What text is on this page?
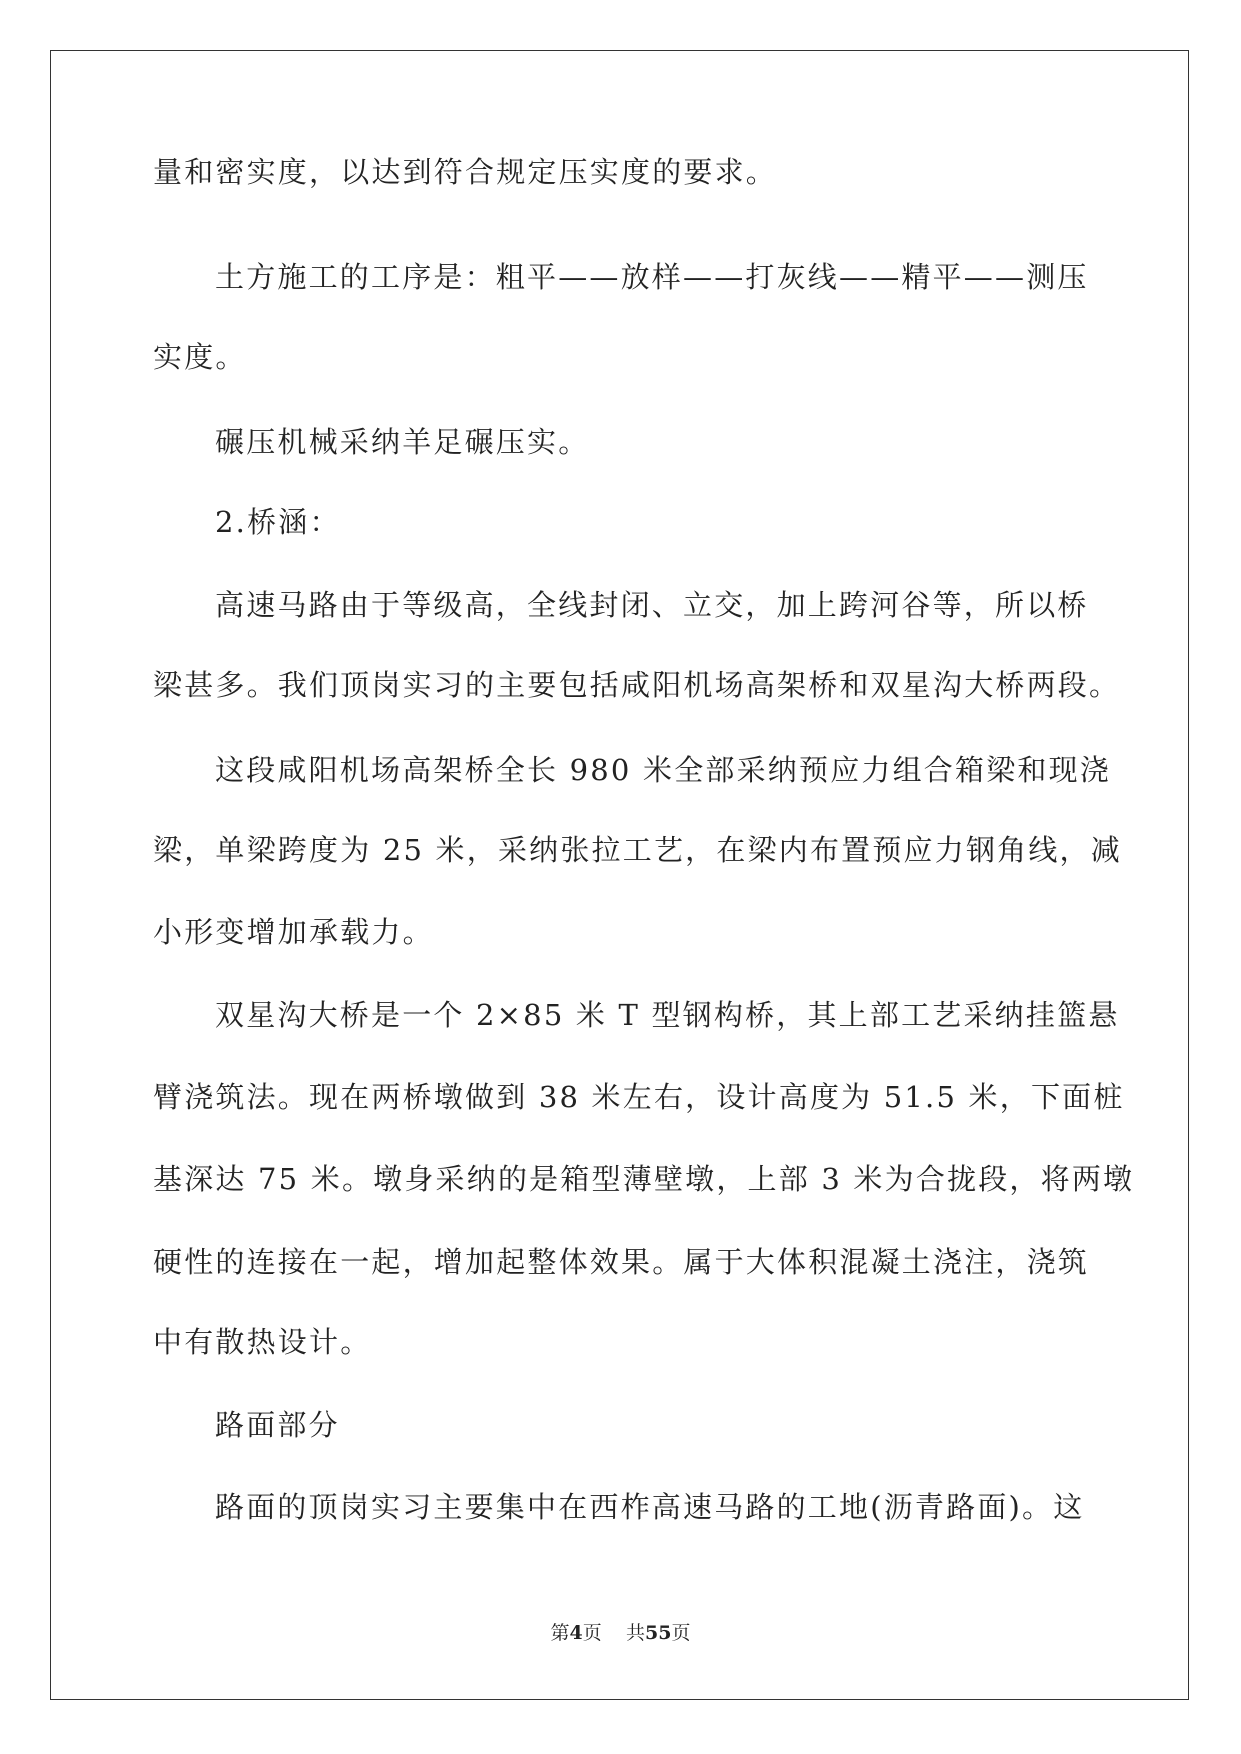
量和密实度，以达到符合规定压实度的要求。
土方施工的工序是：粗平——放样——打灰线——精平——测压
实度。
碾压机械采纳羊足碾压实。
2.桥涵：
高速马路由于等级高，全线封闭、立交，加上跨河谷等，所以桥
梁甚多。我们顶岗实习的主要包括咸阳机场高架桥和双星沟大桥两段。
这段咸阳机场高架桥全长 980 米全部采纳预应力组合箱梁和现浇
梁，单梁跨度为 25 米，采纳张拉工艺，在梁内布置预应力钢角线，减
小形变增加承载力。
双星沟大桥是一个 2×85 米 T 型钢构桥，其上部工艺采纳挂篮悬
臂浇筑法。现在两桥墩做到 38 米左右，设计高度为 51.5 米，下面桩
基深达 75 米。墩身采纳的是箱型薄壁墩，上部 3 米为合拢段，将两墩
硬性的连接在一起，增加起整体效果。属于大体积混凝土浇注，浇筑
中有散热设计。
路面部分
路面的顶岗实习主要集中在西柞高速马路的工地(沥青路面)。这
第4页 共55页
